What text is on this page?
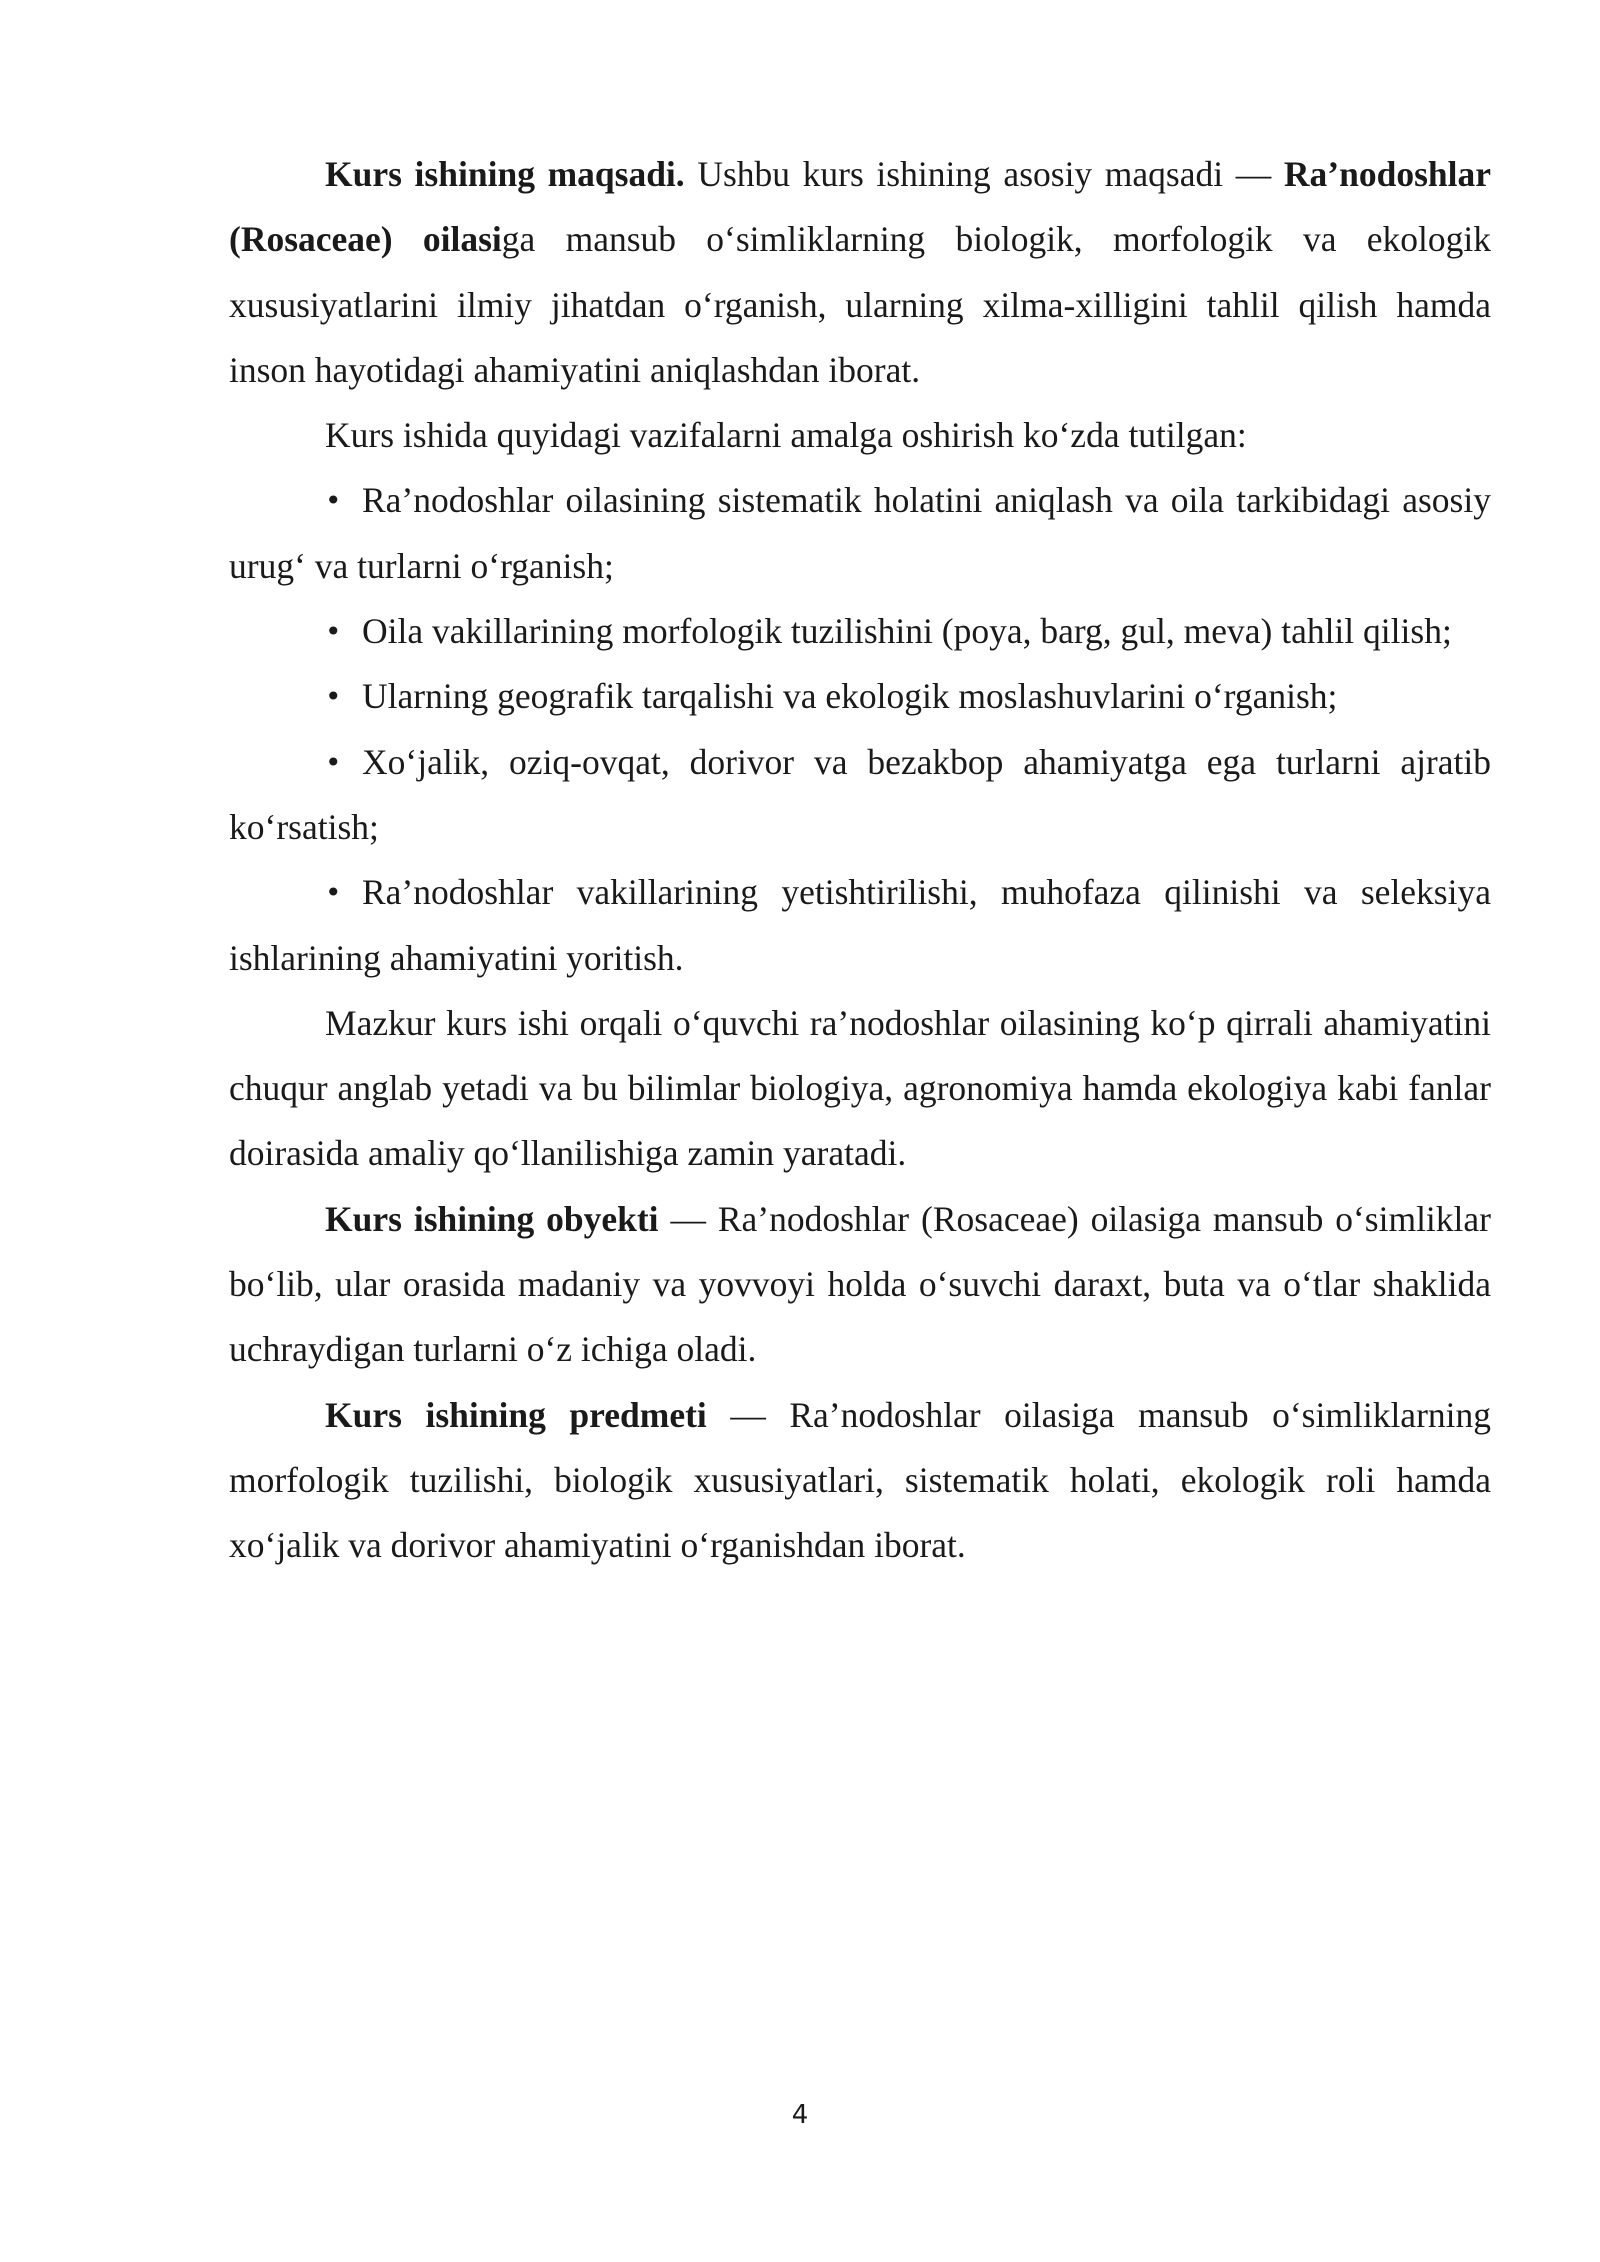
Kurs ishining maqsadi. Ushbu kurs ishining asosiy maqsadi — Ra’nodoshlar (Rosaceae) oilasiga mansub o‘simliklarning biologik, morfologik va ekologik xususiyatlarini ilmiy jihatdan o‘rganish, ularning xilma-xilligini tahlil qilish hamda inson hayotidagi ahamiyatini aniqlashdan iborat.

Kurs ishida quyidagi vazifalarni amalga oshirish ko‘zda tutilgan:

• Ra’nodoshlar oilasining sistematik holatini aniqlash va oila tarkibidagi asosiy urug‘ va turlarni o‘rganish;

• Oila vakillarining morfologik tuzilishini (poya, barg, gul, meva) tahlil qilish;

• Ularning geografik tarqalishi va ekologik moslashuvlarini o‘rganish;

• Xo‘jalik, oziq-ovqat, dorivor va bezakbop ahamiyatga ega turlarni ajratib ko‘rsatish;

• Ra’nodoshlar vakillarining yetishtirilishi, muhofaza qilinishi va seleksiya ishlarining ahamiyatini yoritish.

Mazkur kurs ishi orqali o‘quvchi ra’nodoshlar oilasining ko‘p qirrali ahamiyatini chuqur anglab yetadi va bu bilimlar biologiya, agronomiya hamda ekologiya kabi fanlar doirasida amaliy qo‘llanilishiga zamin yaratadi.

Kurs ishining obyekti — Ra’nodoshlar (Rosaceae) oilasiga mansub o‘simliklar bo‘lib, ular orasida madaniy va yovvoyi holda o‘suvchi daraxt, buta va o‘tlar shaklida uchraydigan turlarni o‘z ichiga oladi.

Kurs ishining predmeti — Ra’nodoshlar oilasiga mansub o‘simliklarning morfologik tuzilishi, biologik xususiyatlari, sistematik holati, ekologik roli hamda xo‘jalik va dorivor ahamiyatini o‘rganishdan iborat.

4
